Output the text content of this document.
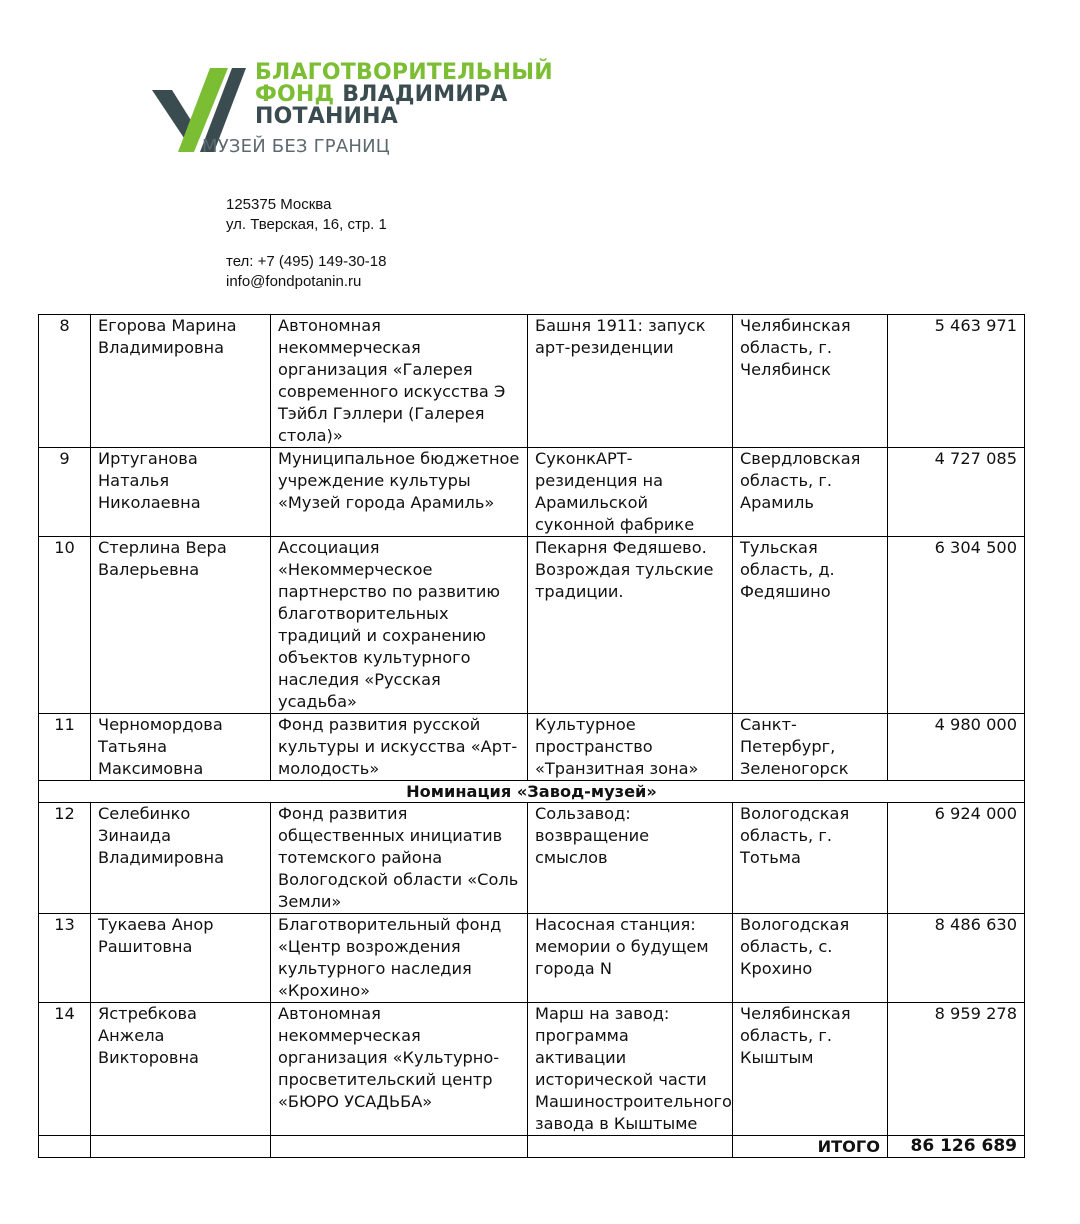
БЛАГОТВОРИТЕЛЬНЫЙ
ФОНД ВЛАДИМИРА
ПОТАНИНА
МУЗЕЙ БЕЗ ГРАНИЦ
125375 Москва
ул. Тверская, 16, стр. 1
тел: +7 (495) 149-30-18
info@fondpotanin.ru
8	Егорова Марина Владимировна	Автономная некоммерческая организация «Галерея современного искусства Э Тэйбл Гэллери (Галерея стола)»	Башня 1911: запуск арт-резиденции	Челябинская область, г. Челябинск	5 463 971
9	Иртуганова Наталья Николаевна	Муниципальное бюджетное учреждение культуры «Музей города Арамиль»	СуконкАРТ-резиденция на Арамильской суконной фабрике	Свердловская область, г. Арамиль	4 727 085
10	Стерлина Вера Валерьевна	Ассоциация «Некоммерческое партнерство по развитию благотворительных традиций и сохранению объектов культурного наследия «Русская усадьба»	Пекарня Федяшево. Возрождая тульские традиции.	Тульская область, д. Федяшино	6 304 500
11	Черномордова Татьяна Максимовна	Фонд развития русской культуры и искусства «Арт-молодость»	Культурное пространство «Транзитная зона»	Санкт-Петербург, Зеленогорск	4 980 000
Номинация «Завод-музей»					
12	Селебинко Зинаида Владимировна	Фонд развития общественных инициатив тотемского района Вологодской области «Соль Земли»	Сользавод: возвращение смыслов	Вологодская область, г. Тотьма	6 924 000
13	Тукаева Анор Рашитовна	Благотворительный фонд «Центр возрождения культурного наследия «Крохино»	Насосная станция: мемории о будущем города N	Вологодская область, с. Крохино	8 486 630
14	Ястребкова Анжела Викторовна	Автономная некоммерческая организация «Культурно-просветительский центр «БЮРО УСАДЬБА»	Марш на завод: программа активации исторической части Машиностроительного завода в Кыштыме	Челябинская область, г. Кыштым	8 959 278
				ИТОГО	86 126 689
